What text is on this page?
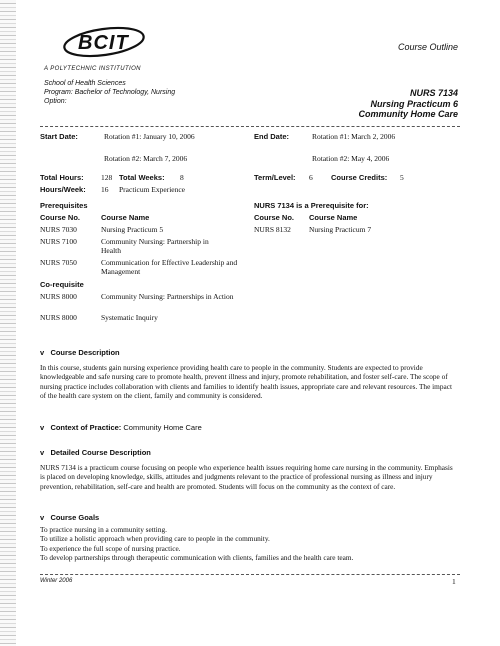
BCIT
A POLYTECHNIC INSTITUTION
Course Outline
School of Health Sciences
Program: Bachelor of Technology, Nursing
Option:
NURS 7134
Nursing Practicum 6
Community Home Care
Start Date:	Rotation #1: January 10, 2006
Rotation #2: March 7, 2006
End Date:	Rotation #1: March 2, 2006
Rotation #2: May 4, 2006
Total Hours: 128 Total Weeks: 8
Hours/Week: 16 Practicum Experience
Term/Level: 6 Course Credits: 5
Prerequisites
Course No.	Course Name
NURS 7030	Nursing Practicum 5
NURS 7100	Community Nursing: Partnership in Health
NURS 7050	Communication for Effective Leadership and Management
Co-requisite
NURS 8000	Community Nursing: Partnerships in Action
NURS 8000	Systematic Inquiry
NURS 7134 is a Prerequisite for:
Course No. Course Name
NURS 8132 Nursing Practicum 7
v Course Description
In this course, students gain nursing experience providing health care to people in the community. Students are expected to provide knowledgeable and safe nursing care to promote health, prevent illness and injury, promote rehabilitation, and foster self-care. The scope of nursing practice includes collaboration with clients and families to identify health issues, appropriate care and relevant resources. The impact of the health care system on the client, family and community is considered.
v Context of Practice: Community Home Care
v Detailed Course Description
NURS 7134 is a practicum course focusing on people who experience health issues requiring home care nursing in the community. Emphasis is placed on developing knowledge, skills, attitudes and judgments relevant to the practice of professional nursing as illness and injury prevention, rehabilitation, self-care and health are promoted. Students will focus on the community as the context of care.
v Course Goals
To practice nursing in a community setting.
To utilize a holistic approach when providing care to people in the community.
To experience the full scope of nursing practice.
To develop partnerships through therapeutic communication with clients, families and the health care team.
Winter 2006	1
